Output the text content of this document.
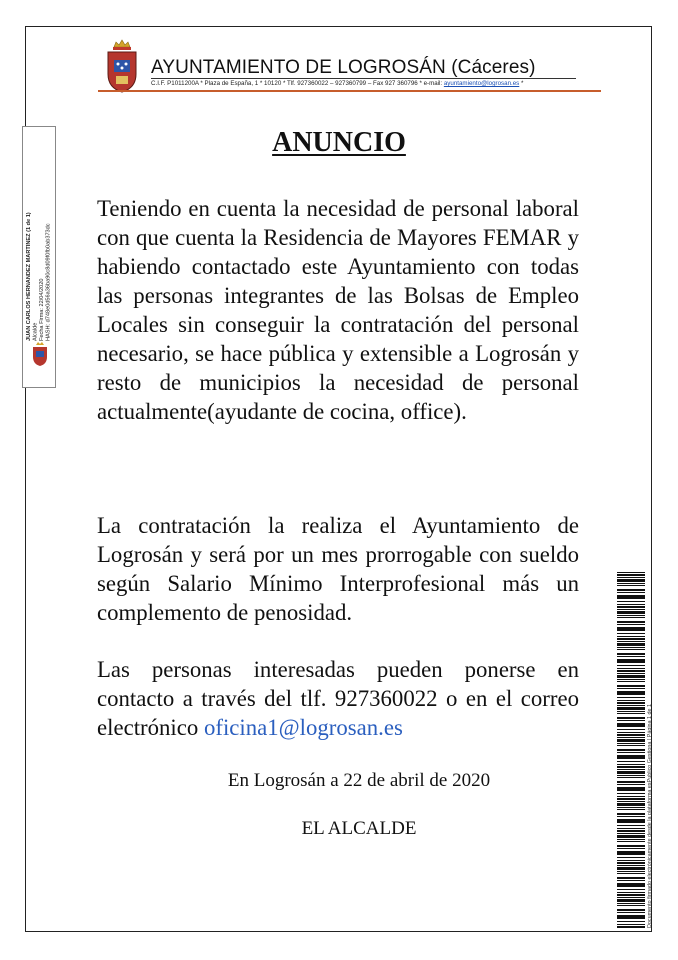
AYUNTAMIENTO DE LOGROSÁN (Cáceres)
C.I.F. P1011200A * Plaza de España, 1 * 10120 * Tlf. 927360022 – 927360799 – Fax 927 360796 * e-mail: ayuntamiento@logrosan.es *
ANUNCIO

Teniendo en cuenta la necesidad de personal laboral con que cuenta la Residencia de Mayores FEMAR y habiendo contactado este Ayuntamiento con todas las personas integrantes de las Bolsas de Empleo Locales sin conseguir la contratación del personal necesario, se hace pública y extensible a Logrosán y resto de municipios la necesidad de personal actualmente(ayudante de cocina, office).

La contratación la realiza el Ayuntamiento de Logrosán y será por un mes prorrogable con sueldo según Salario Mínimo Interprofesional más un complemento de penosidad.

Las personas interesadas pueden ponerse en contacto a través del tlf. 927360022 o en el correo electrónico oficina1@logrosan.es

En Logrosán a 22 de abril de 2020
EL ALCALDE
JUAN CARLOS HERNANDEZ MARTINEZ (1 de 1)
Alcalde
Fecha Firma: 22/04/2020
HASH: d748e0d56a36ba90c8d09f0fb0ab373dc
Documento firmado electrónicamente desde la plataforma esPublico Gestiona | Página 1 de 1
